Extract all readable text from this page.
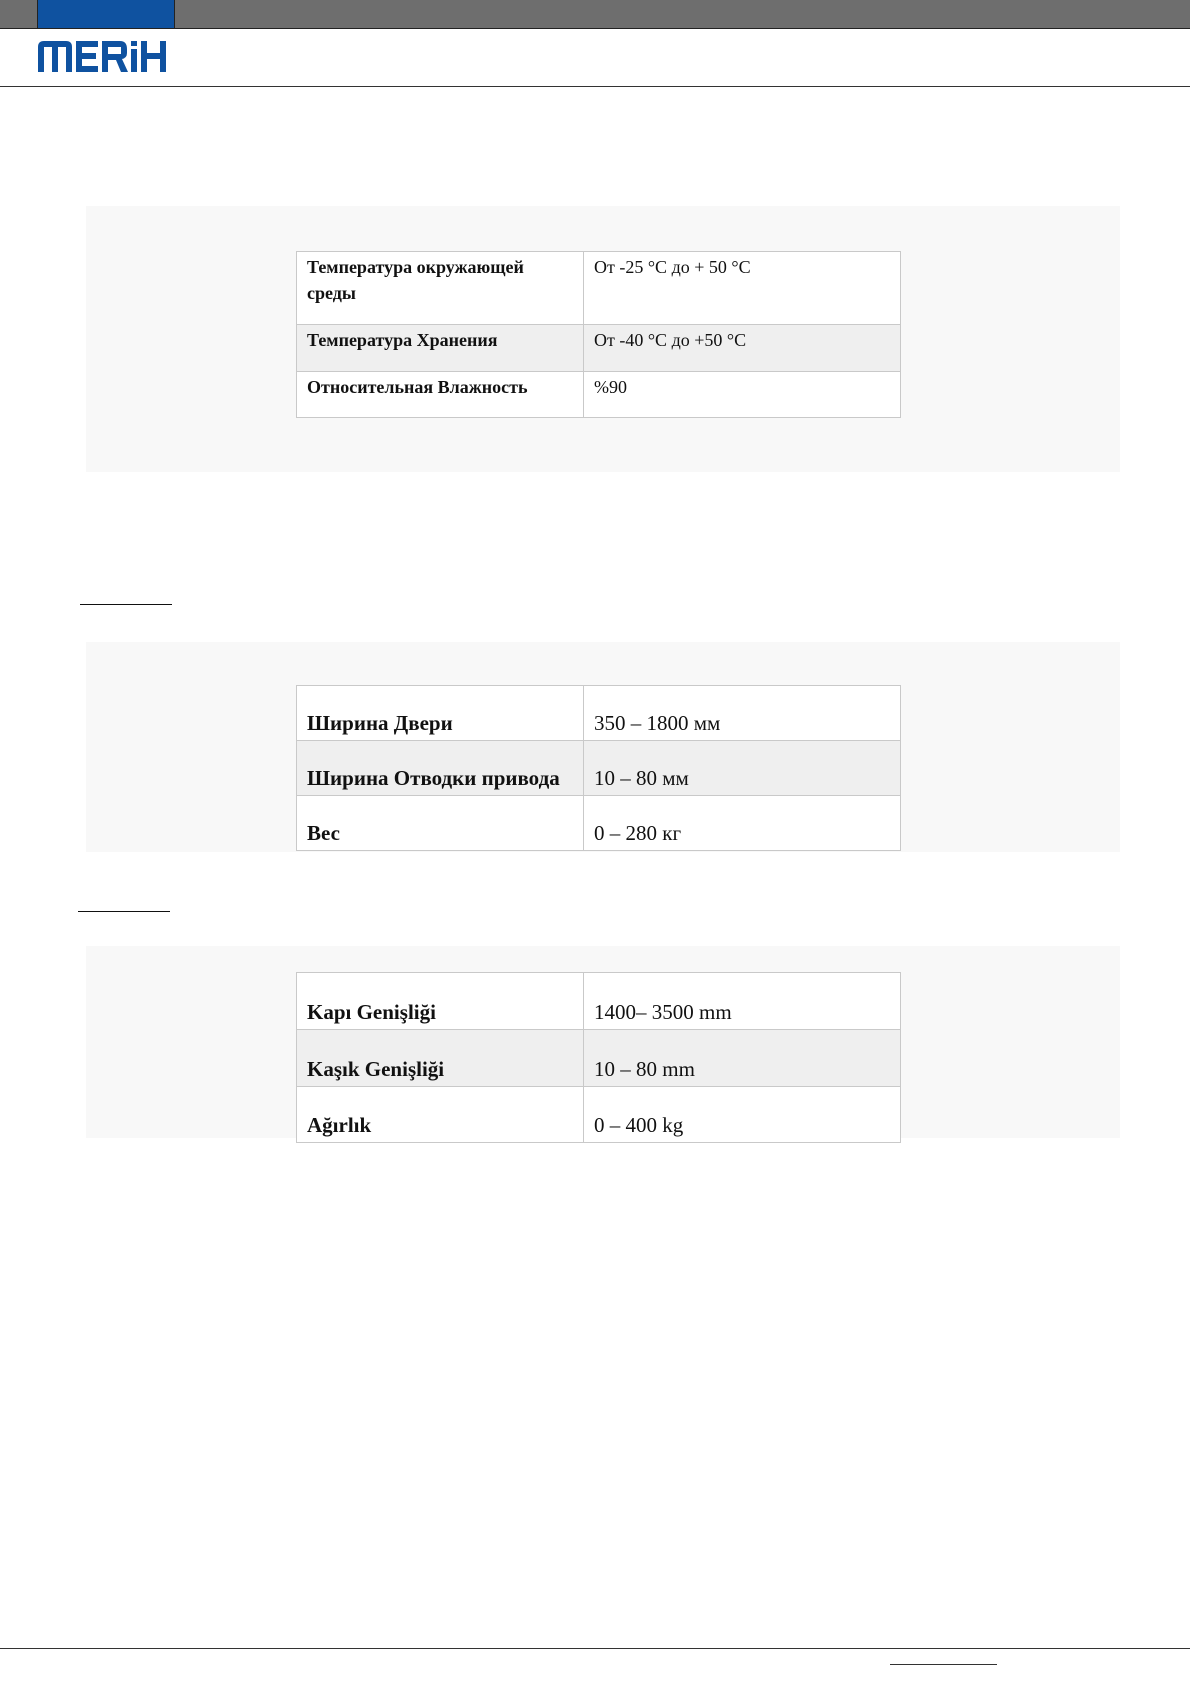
Температура окружающей среды	От -25 °C до + 50 °C
Температура Хранения	От -40 °C до +50 °C
Относительная Влажность	%90
Ширина Двери	350 – 1800 мм
Ширина Отводки привода	10 – 80 мм
Вес	0 – 280 кг
Kapı Genişliği	1400– 3500 mm
Kaşık Genişliği	10 – 80 mm
Ağırlık	0 – 400 kg
